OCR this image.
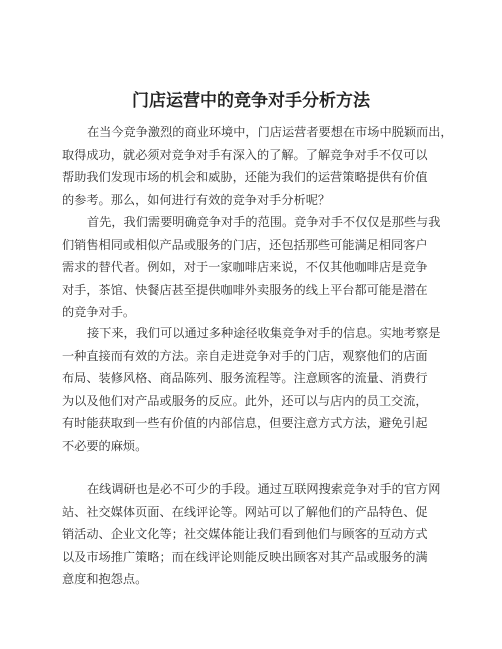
门店运营中的竞争对手分析方法
在当今竞争激烈的商业环境中，门店运营者要想在市场中脱颖而出，
取得成功，就必须对竞争对手有深入的了解。了解竞争对手不仅可以
帮助我们发现市场的机会和威胁，还能为我们的运营策略提供有价值
的参考。那么，如何进行有效的竞争对手分析呢？
首先，我们需要明确竞争对手的范围。竞争对手不仅仅是那些与我
们销售相同或相似产品或服务的门店，还包括那些可能满足相同客户
需求的替代者。例如，对于一家咖啡店来说，不仅其他咖啡店是竞争
对手，茶馆、快餐店甚至提供咖啡外卖服务的线上平台都可能是潜在
的竞争对手。
接下来，我们可以通过多种途径收集竞争对手的信息。实地考察是
一种直接而有效的方法。亲自走进竞争对手的门店，观察他们的店面
布局、装修风格、商品陈列、服务流程等。注意顾客的流量、消费行
为以及他们对产品或服务的反应。此外，还可以与店内的员工交流，
有时能获取到一些有价值的内部信息，但要注意方式方法，避免引起
不必要的麻烦。
在线调研也是必不可少的手段。通过互联网搜索竞争对手的官方网
站、社交媒体页面、在线评论等。网站可以了解他们的产品特色、促
销活动、企业文化等；社交媒体能让我们看到他们与顾客的互动方式
以及市场推广策略；而在线评论则能反映出顾客对其产品或服务的满
意度和抱怨点。
